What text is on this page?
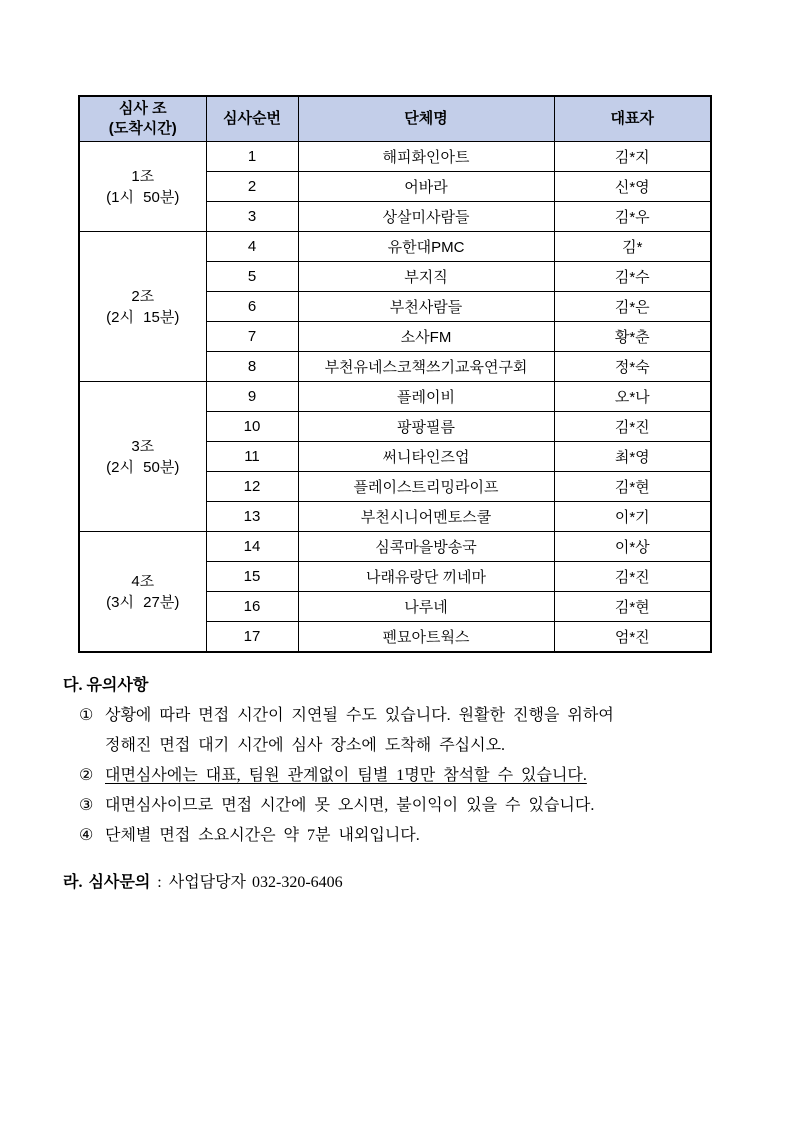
심사 조
(도착시간)	심사순번	단체명	대표자

1조
(1시 50분)	1	해피화인아트	김*지
	2	어바라	신*영
	3	상살미사람들	김*우

2조
(2시 15분)	4	유한대PMC	김*
	5	부지직	김*수
	6	부천사람들	김*은
	7	소사FM	황*춘
	8	부천유네스코책쓰기교육연구회	정*숙

3조
(2시 50분)	9	플레이비	오*나
	10	팡팡필름	김*진
	11	써니타인즈업	최*영
	12	플레이스트리밍라이프	김*현
	13	부천시니어멘토스쿨	이*기

4조
(3시 27분)	14	심콕마을방송국	이*상
	15	나래유랑단 끼네마	김*진
	16	나루네	김*현
	17	펜묘아트웍스	엄*진

다. 유의사항

① 상황에 따라 면접 시간이 지연될 수도 있습니다. 원활한 진행을 위하여
정해진 면접 대기 시간에 심사 장소에 도착해 주십시오.
② 대면심사에는 대표, 팀원 관계없이 팀별 1명만 참석할 수 있습니다.
③ 대면심사이므로 면접 시간에 못 오시면, 불이익이 있을 수 있습니다.
④ 단체별 면접 소요시간은 약 7분 내외입니다.

라. 심사문의 : 사업담당자 032-320-6406
